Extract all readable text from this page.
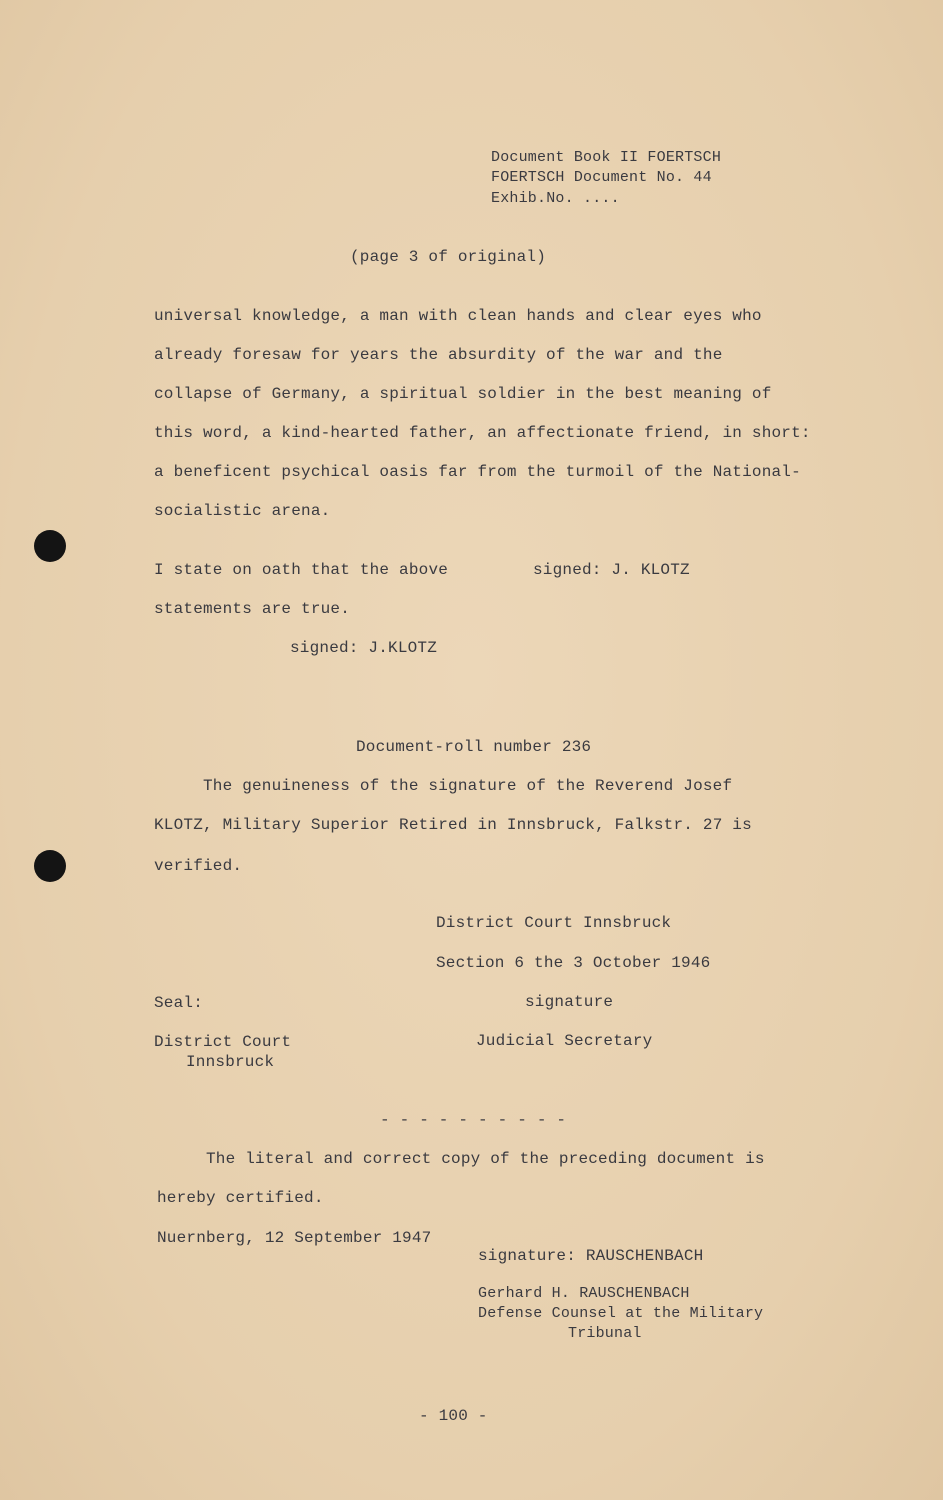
Document Book II FOERTSCH
FOERTSCH Document No. 44
Exhib.No. ....
(page 3 of original)
universal knowledge, a man with clean hands and clear eyes who
already foresaw for years the absurdity of the war and the
collapse of Germany, a spiritual soldier in the best meaning of
this word, a kind-hearted father, an affectionate friend, in short:
a beneficent psychical oasis far from the turmoil of the National-
socialistic arena.
I state on oath that the above	signed: J. KLOTZ
statements are true.
signed: J.KLOTZ
Document-roll number 236
The genuineness of the signature of the Reverend Josef
KLOTZ, Military Superior Retired in Innsbruck, Falkstr. 27 is
verified.
District Court Innsbruck
Section 6 the 3 October 1946
Seal:	signature
District Court	Judicial Secretary
Innsbruck
- - - - - - - - - -
The literal and correct copy of the preceding document is
hereby certified.
Nuernberg, 12 September 1947
signature: RAUSCHENBACH
Gerhard H. RAUSCHENBACH
Defense Counsel at the Military
Tribunal
- 100 -
